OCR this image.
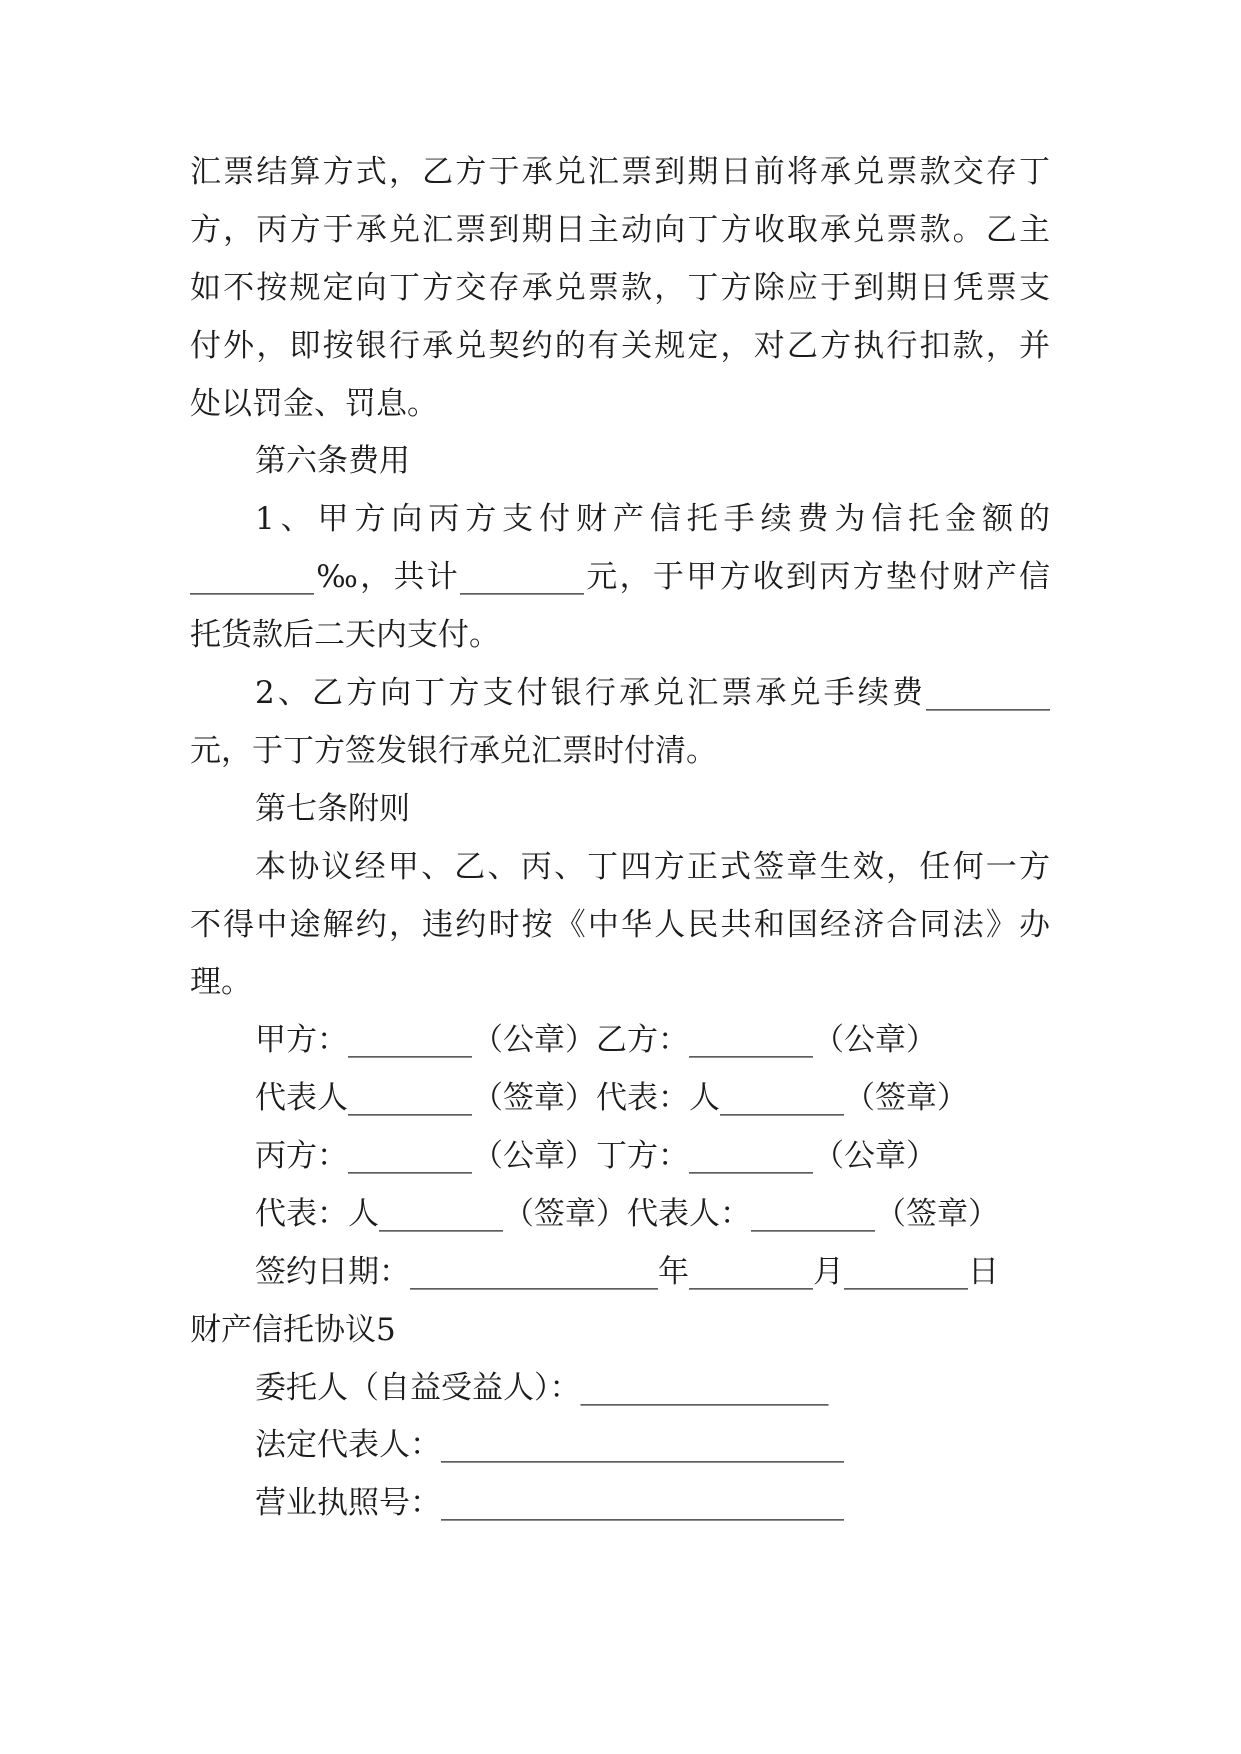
汇票结算方式，乙方于承兑汇票到期日前将承兑票款交存丁
方，丙方于承兑汇票到期日主动向丁方收取承兑票款。乙主
如不按规定向丁方交存承兑票款，丁方除应于到期日凭票支
付外，即按银行承兑契约的有关规定，对乙方执行扣款，并
处以罚金、罚息。
第六条费用
1、甲方向丙方支付财产信托手续费为信托金额的
________‰，共计________元，于甲方收到丙方垫付财产信
托货款后二天内支付。
2、乙方向丁方支付银行承兑汇票承兑手续费________
元，于丁方签发银行承兑汇票时付清。
第七条附则
本协议经甲、乙、丙、丁四方正式签章生效，任何一方
不得中途解约，违约时按《中华人民共和国经济合同法》办
理。
甲方：________（公章）乙方：________（公章）
代表人________（签章）代表：人________（签章）
丙方：________（公章）丁方：________（公章）
代表：人________（签章）代表人：________（签章）
签约日期：________________年________月________日
财产信托协议5
委托人（自益受益人）：________________
法定代表人：__________________________
营业执照号：__________________________
